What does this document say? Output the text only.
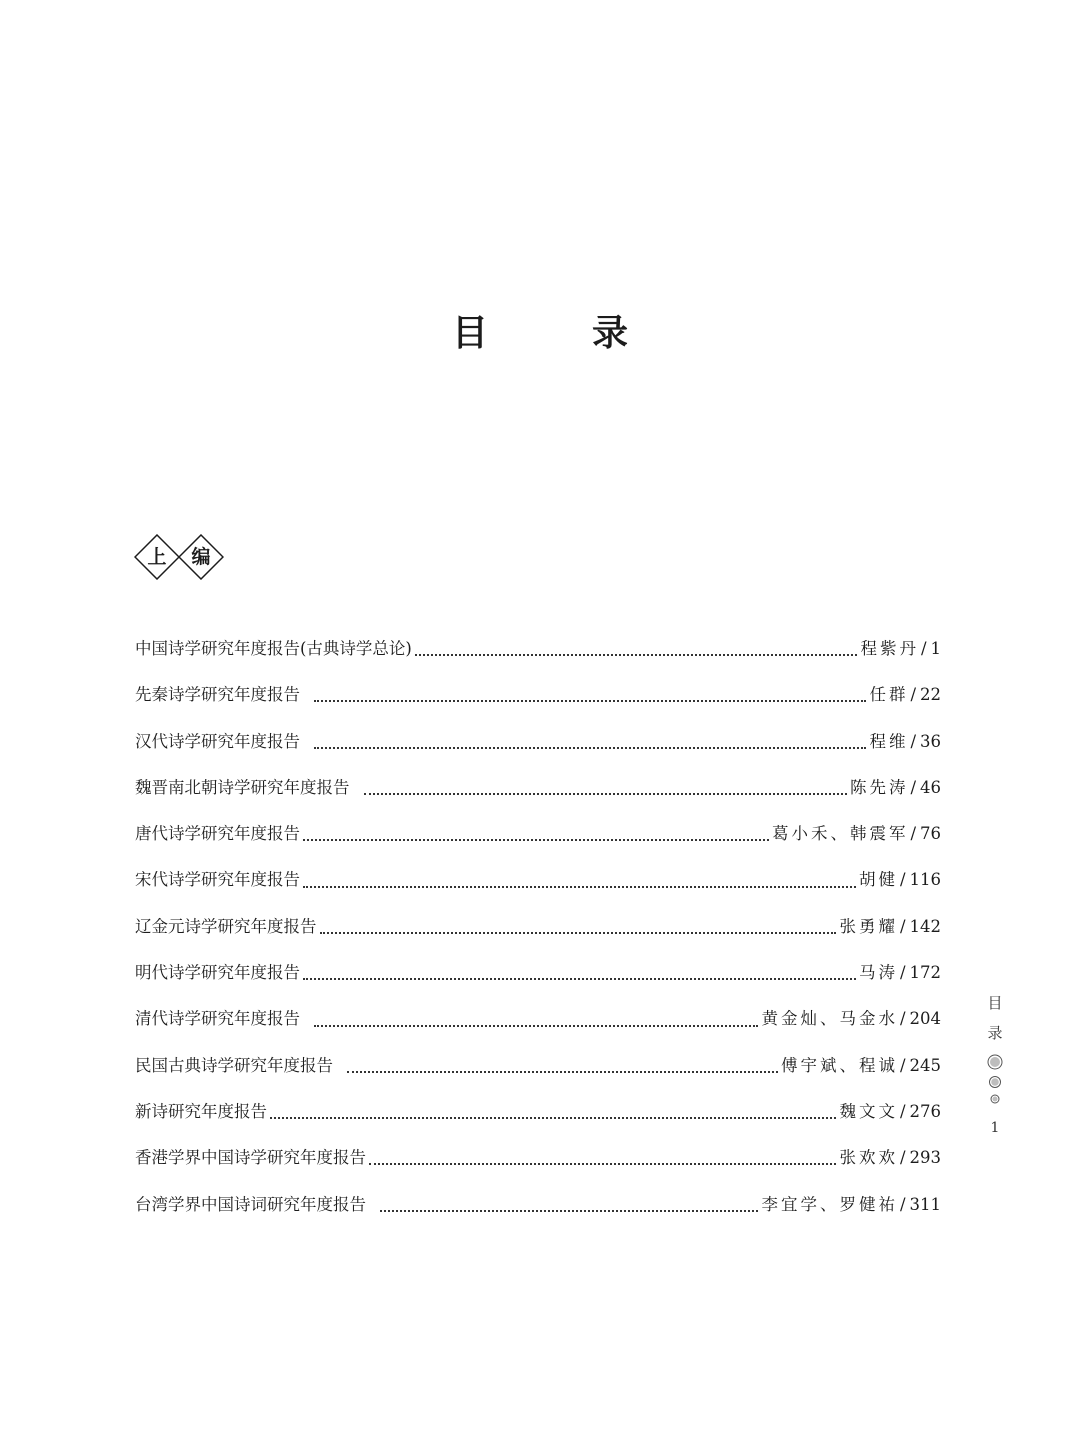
目　录
上	编
中国诗学研究年度报告(古典诗学总论)	程紫丹 / 1
先秦诗学研究年度报告	任群 / 22
汉代诗学研究年度报告	程维 / 36
魏晋南北朝诗学研究年度报告	陈先涛 / 46
唐代诗学研究年度报告	葛小禾、韩震军 / 76
宋代诗学研究年度报告	胡健 / 116
辽金元诗学研究年度报告	张勇耀 / 142
明代诗学研究年度报告	马涛 / 172
清代诗学研究年度报告	黄金灿、马金水 / 204
民国古典诗学研究年度报告	傅宇斌、程诚 / 245
新诗研究年度报告	魏文文 / 276
香港学界中国诗学研究年度报告	张欢欢 / 293
台湾学界中国诗词研究年度报告	李宜学、罗健祐 / 311
目
录
1
